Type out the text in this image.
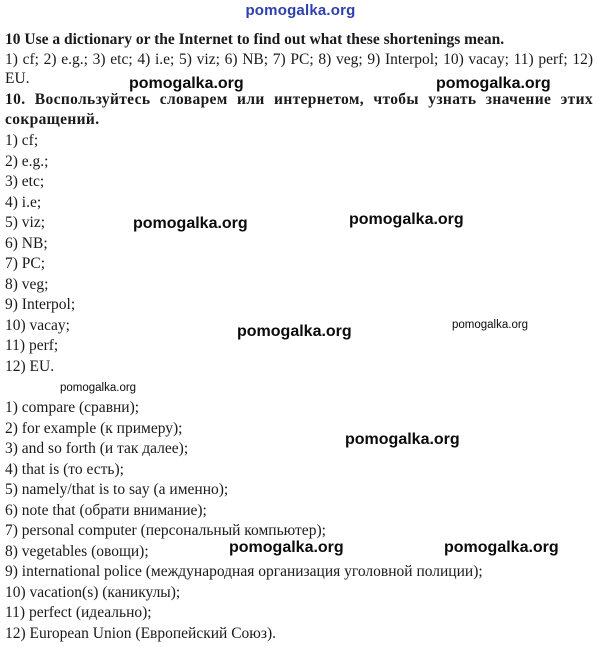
pomogalka.org
10 Use a dictionary or the Internet to find out what these shortenings mean.
1) cf; 2) e.g.; 3) etc; 4) i.e; 5) viz; 6) NB; 7) PC; 8) veg; 9) Interpol; 10) vacay; 11) perf; 12) EU.
10. Воспользуйтесь словарем или интернетом, чтобы узнать значение этих сокращений.
1) cf;
2) e.g.;
3) etc;
4) i.e;
5) viz;
6) NB;
7) PC;
8) veg;
9) Interpol;
10) vacay;
11) perf;
12) EU.
1) compare (сравни);
2) for example (к примеру);
3) and so forth (и так далее);
4) that is (то есть);
5) namely/that is to say (а именно);
6) note that (обрати внимание);
7) personal computer (персональный компьютер);
8) vegetables (овощи);
9) international police (международная организация уголовной полиции);
10) vacation(s) (каникулы);
11) perfect (идеально);
12) European Union (Европейский Союз).
pomogalka.org	pomogalka.org
pomogalka.org	pomogalka.org
pomogalka.org	pomogalka.org
pomogalka.org
pomogalka.org
pomogalka.org	pomogalka.org
